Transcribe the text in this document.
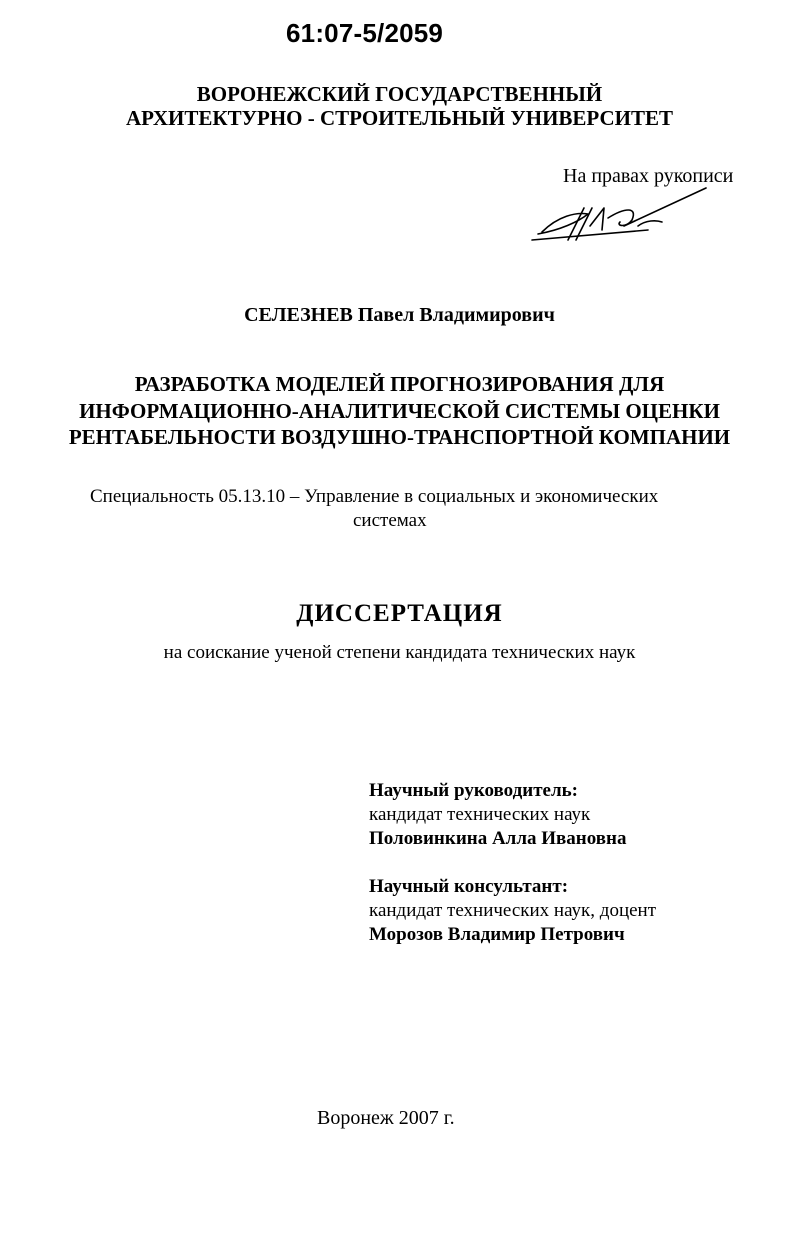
61:07-5/2059
ВОРОНЕЖСКИЙ ГОСУДАРСТВЕННЫЙ
АРХИТЕКТУРНО - СТРОИТЕЛЬНЫЙ УНИВЕРСИТЕТ
На правах рукописи
СЕЛЕЗНЕВ Павел Владимирович
РАЗРАБОТКА МОДЕЛЕЙ ПРОГНОЗИРОВАНИЯ ДЛЯ
ИНФОРМАЦИОННО-АНАЛИТИЧЕСКОЙ СИСТЕМЫ ОЦЕНКИ
РЕНТАБЕЛЬНОСТИ ВОЗДУШНО-ТРАНСПОРТНОЙ КОМПАНИИ
Специальность 05.13.10 – Управление в социальных и экономических
системах
ДИССЕРТАЦИЯ
на соискание ученой степени кандидата технических наук
Научный руководитель:
кандидат технических наук
Половинкина Алла Ивановна
Научный консультант:
кандидат технических наук, доцент
Морозов Владимир Петрович
Воронеж 2007 г.
